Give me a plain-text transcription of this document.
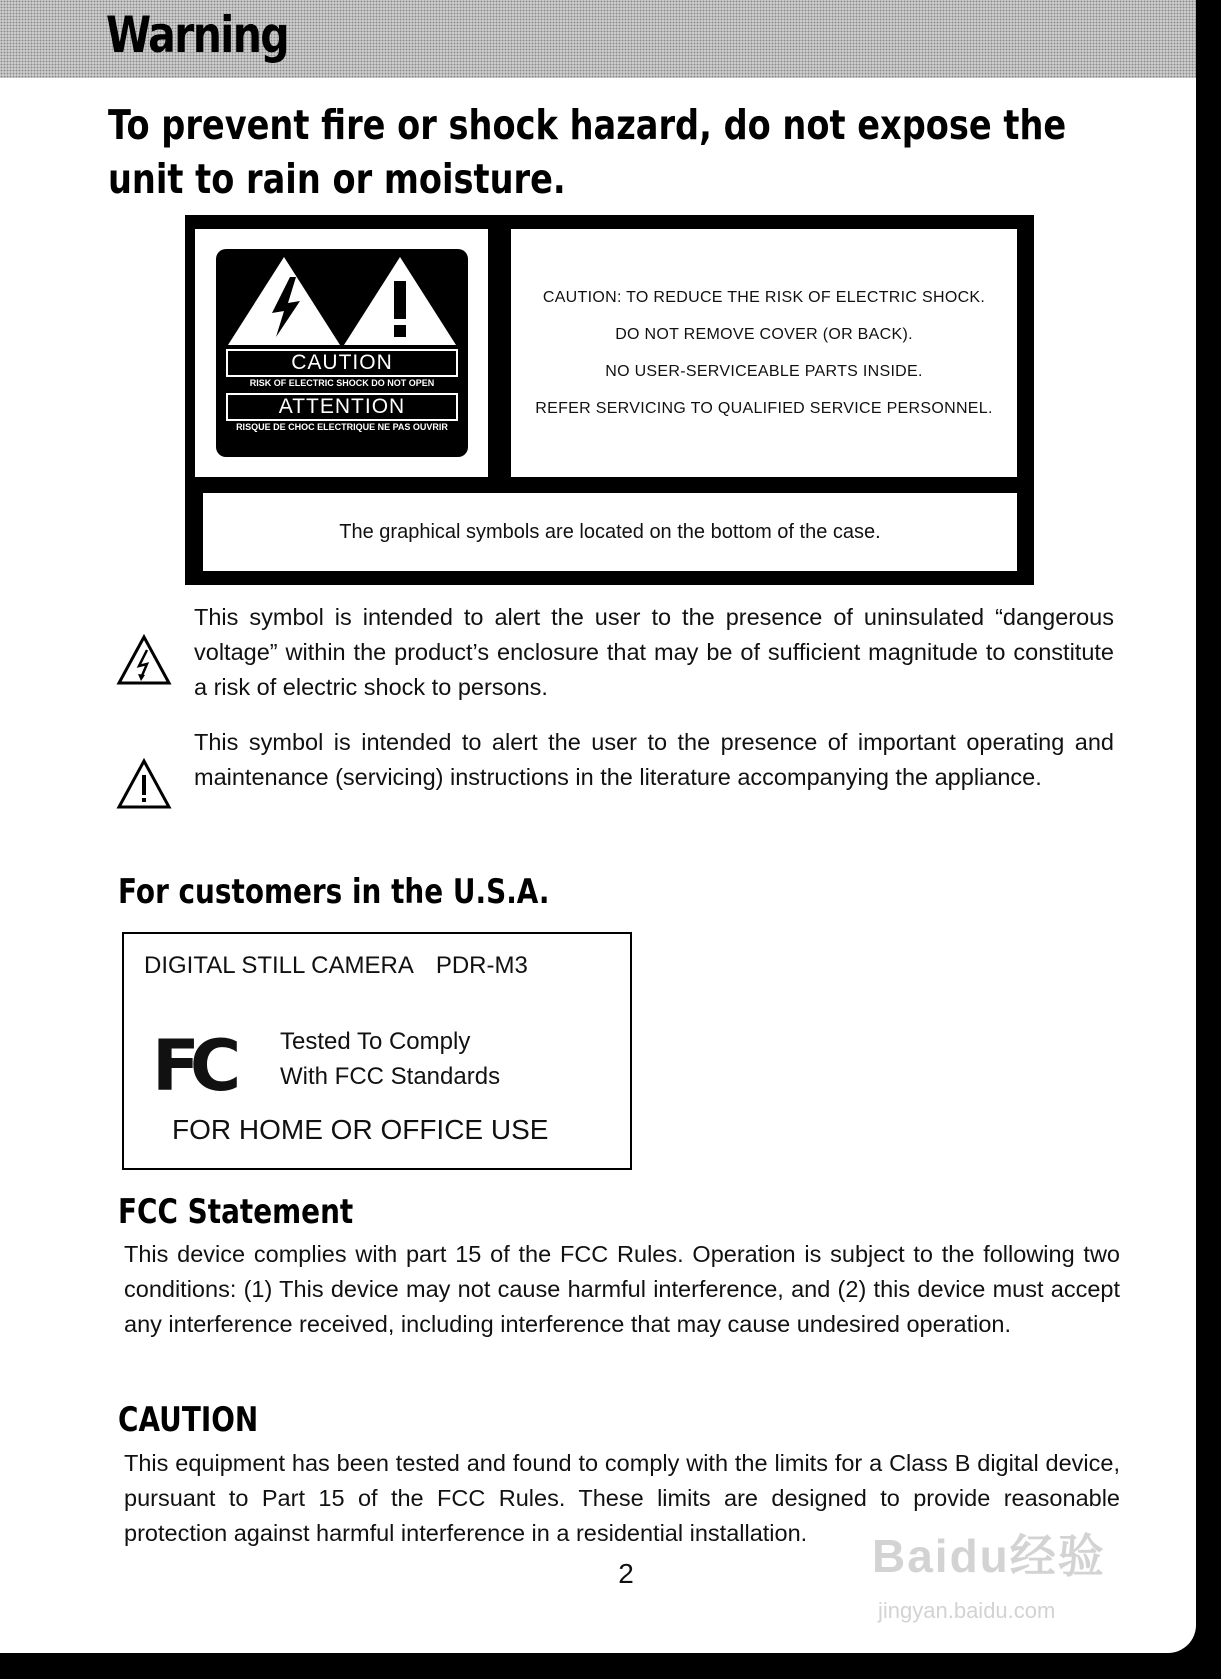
Warning
To prevent fire or shock hazard, do not expose the unit to rain or moisture.
CAUTION
RISK OF ELECTRIC SHOCK DO NOT OPEN
ATTENTION
RISQUE DE CHOC ELECTRIQUE NE PAS OUVRIR
CAUTION: TO REDUCE THE RISK OF ELECTRIC SHOCK.
DO NOT REMOVE COVER (OR BACK).
NO USER-SERVICEABLE PARTS INSIDE.
REFER SERVICING TO QUALIFIED SERVICE PERSONNEL.
The graphical symbols are located on the bottom of the case.

This symbol is intended to alert the user to the presence of uninsulated “dangerous voltage” within the product’s enclosure that may be of sufficient magnitude to constitute a risk of electric shock to persons.

This symbol is intended to alert the user to the presence of important operating and maintenance (servicing) instructions in the literature accompanying the appliance.

For customers in the U.S.A.
DIGITAL STILL CAMERA PDR-M3
FC Tested To Comply
With FCC Standards
FOR HOME OR OFFICE USE
FCC Statement

This device complies with part 15 of the FCC Rules. Operation is subject to the following two conditions: (1) This device may not cause harmful interference, and (2) this device must accept any interference received, including interference that may cause undesired operation.

CAUTION

This equipment has been tested and found to comply with the limits for a Class B digital device, pursuant to Part 15 of the FCC Rules. These limits are designed to provide reasonable protection against harmful interference in a residential installation.

2	Baidu经验
jingyan.baidu.com
